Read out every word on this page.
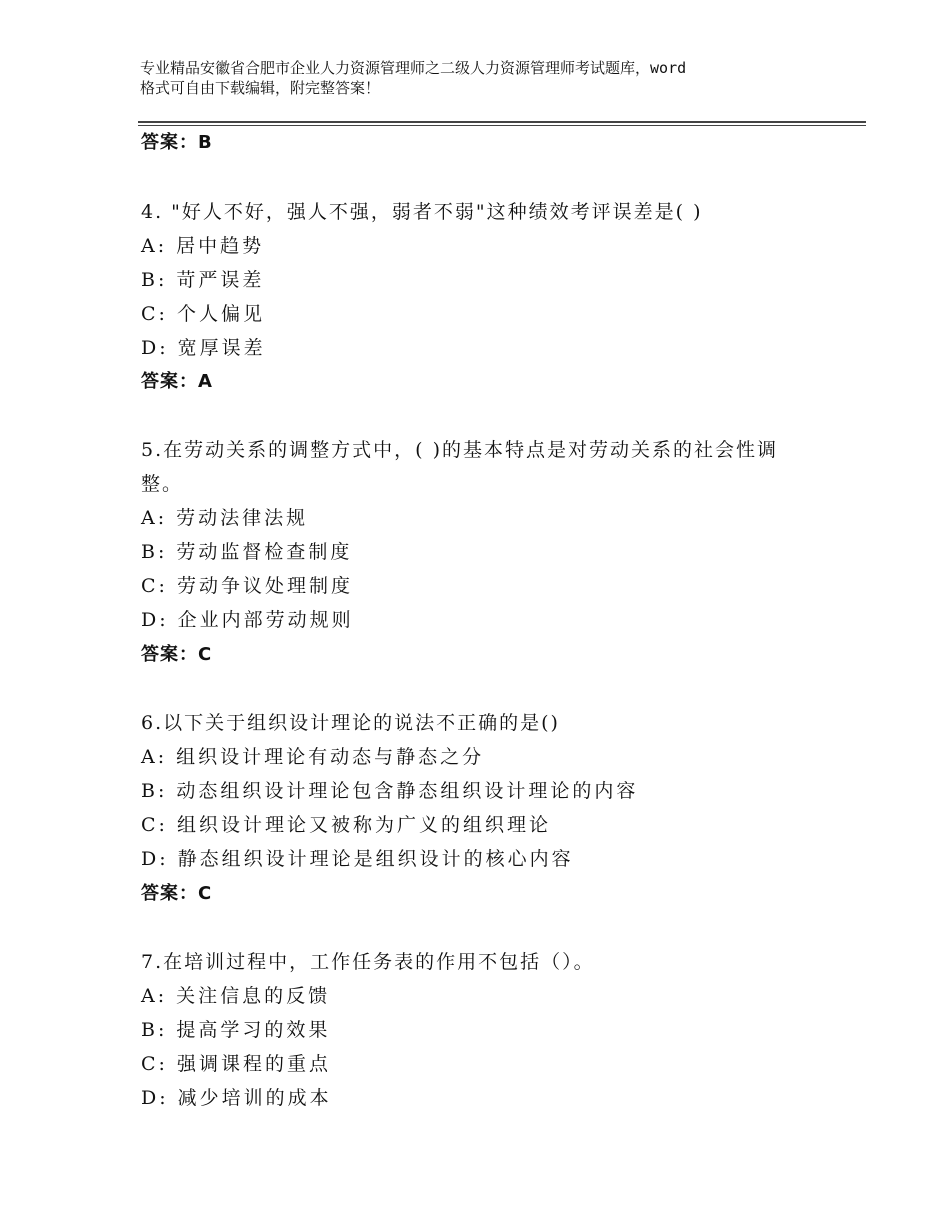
专业精品安徽省合肥市企业人力资源管理师之二级人力资源管理师考试题库，word
格式可自由下载编辑，附完整答案！
答案：B
4. "好人不好，强人不强，弱者不弱"这种绩效考评误差是( )
A: 居中趋势
B: 苛严误差
C: 个人偏见
D: 宽厚误差
答案：A
5.在劳动关系的调整方式中，( )的基本特点是对劳动关系的社会性调
整。
A: 劳动法律法规
B: 劳动监督检查制度
C: 劳动争议处理制度
D: 企业内部劳动规则
答案：C
6.以下关于组织设计理论的说法不正确的是()
A: 组织设计理论有动态与静态之分
B: 动态组织设计理论包含静态组织设计理论的内容
C: 组织设计理论又被称为广义的组织理论
D: 静态组织设计理论是组织设计的核心内容
答案：C
7.在培训过程中，工作任务表的作用不包括（）。
A: 关注信息的反馈
B: 提高学习的效果
C: 强调课程的重点
D: 减少培训的成本
